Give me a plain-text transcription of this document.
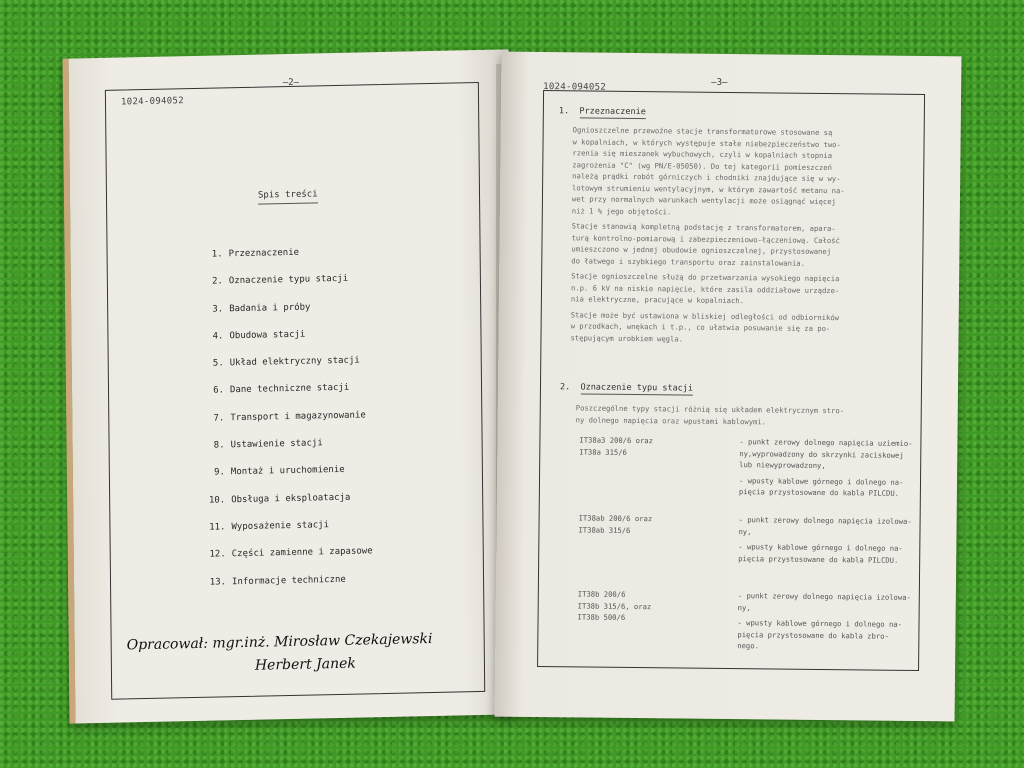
1024-094052
—2—
Spis treści
1. Przeznaczenie
2. Oznaczenie typu stacji
3. Badania i próby
4. Obudowa stacji
5. Układ elektryczny stacji
6. Dane techniczne stacji
7. Transport i magazynowanie
8. Ustawienie stacji
9. Montaż i uruchomienie
10. Obsługa i eksploatacja
11. Wyposażenie stacji
12. Części zamienne i zapasowe
13. Informacje techniczne
Opracował: mgr.inż. Mirosław Czekajewski
Herbert Janek
1024-094052	—3—
1. Przeznaczenie
Ognioszczelne przewoźne stacje transformatorowe stosowane są
w kopalniach, w których występuje stałe niebezpieczeństwo two-
rzenia się mieszanek wybuchowych, czyli w kopalniach stopnia
zagrożenia "C" (wg PN/E-05050). Do tej kategorii pomieszczeń
należą prądki robót górniczych i chodniki znajdujące się w wy-
lotowym strumieniu wentylacyjnym, w którym zawartość metanu na-
wet przy normalnych warunkach wentylacji może osiągnąć więcej
niż 1 % jego objętości.
Stacje stanowią kompletną podstację z transformatorem, apara-
turą kontrolno-pomiarową i zabezpieczeniowo-łączeniową. Całość
umieszczono w jednej obudowie ognioszczelnej, przystosowanej
do łatwego i szybkiego transportu oraz zainstalowania.
Stacje ognioszczelne służą do przetwarzania wysokiego napięcia
n.p. 6 kV na niskie napięcie, które zasila oddziałowe urządze-
nia elektryczne, pracujące w kopalniach.
Stacje może być ustawiona w bliskiej odległości od odbiorników
w przodkach, wnękach i t.p., co ułatwia posuwanie się za po-
stępującym urobkiem węgla.
2. Oznaczenie typu stacji
Poszczególne typy stacji różnią się układem elektrycznym stro-
ny dolnego napięcia oraz wpustami kablowymi.
IT38a3 200/6 oraz
IT38a 315/6
- punkt zerowy dolnego napięcia uziemio-
ny,wyprowadzony do skrzynki zaciskowej
lub niewyprowadzony,
- wpusty kablowe górnego i dolnego na-
pięcia przystosowane do kabla PILCDU.
IT38ab 200/6 oraz
IT38ab 315/6
- punkt zerowy dolnego napięcia izolowa-
ny,
- wpusty kablowe górnego i dolnego na-
pięcia przystosowane do kabla PILCDU.
IT38b 200/6
IT38b 315/6, oraz
IT38b 500/6
- punkt zerowy dolnego napięcia izolowa-
ny,
- wpusty kablowe górnego i dolnego na-
pięcia przystosowane do kabla zbro-
nego.
